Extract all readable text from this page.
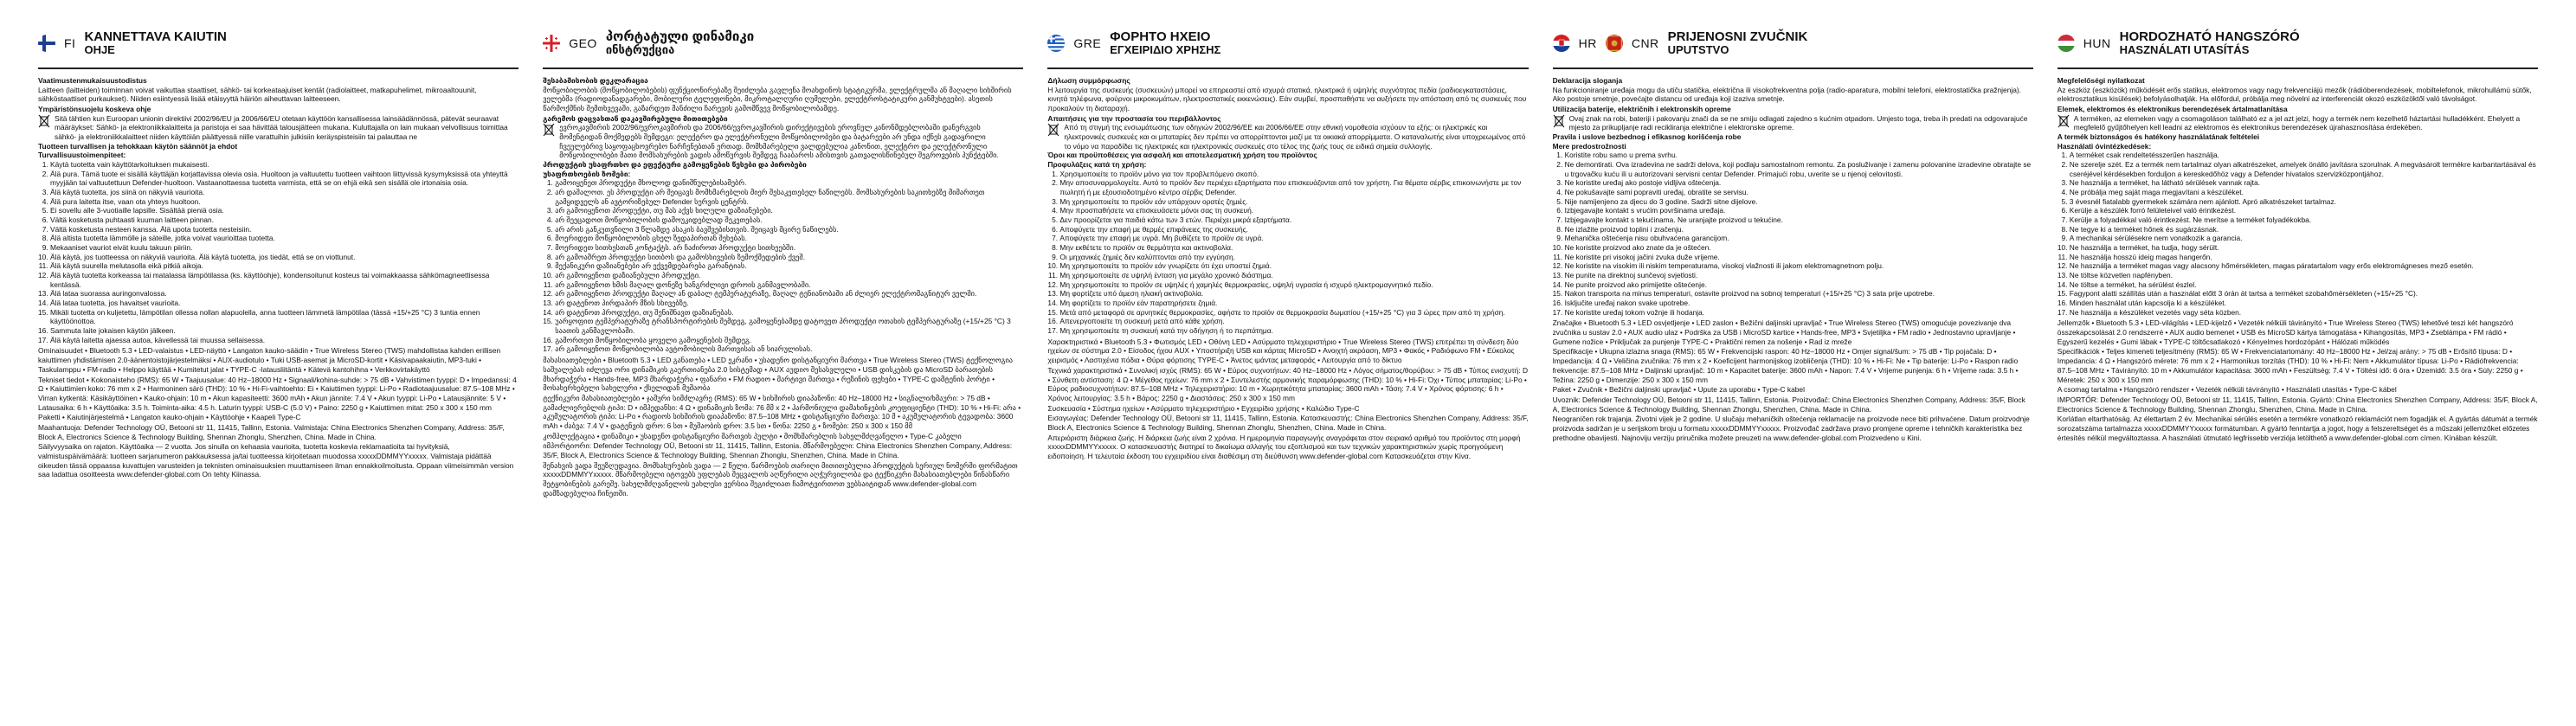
FI KANNETTAVA KAIUTIN
OHJE
Vaatimustenmukaisuustodistus

Laitteen (laitteiden) toiminnan voivat vaikuttaa staattiset, sähkö- tai korkeataajuiset kentät (radiolaitteet, matkapuhelimet, mikroaaltouunit, sähköstaattiset purkaukset). Niiden esiintyessä lisää etäisyyttä häiriön aiheuttavan laitteeseen.

Ympäristönsuojelu koskeva ohje
Sitä tähtien kun Euroopan unionin direktiivi 2002/96/EU ja 2006/66/EU otetaan käyttöön kansallisessa lainsäädännössä, pätevät seuraavat määräykset: Sähkö- ja elektroniikkalaitteita ja paristoja ei saa hävittää talousjätteen mukana. Kuluttajalla on lain mukaan velvollisuus toimittaa sähkö- ja elektroniikkalaitteet niiden käyttöiän päättyessä niille varattuihin julkisiin keräyspisteisiin tai palauttaa ne
Tuotteen turvallisen ja tehokkaan käytön säännöt ja ehdot
Turvallisuustoimenpiteet:
1. Käytä tuotetta vain käyttötarkoituksen mukaisesti.
2. Älä pura. Tämä tuote ei sisällä käyttäjän korjattavissa olevia osia. Huoltoon ja valtuutettu tuotteen vaihtoon liittyvissä kysymyksissä ota yhteyttä myyjään tai valtuutettuun Defender-huoltoon. Vastaanottaessa tuotetta varmista, että se on ehjä eikä sen sisällä ole irtonaisia osia.
3. Älä käytä tuotetta, jos siinä on näkyviä vaurioita.
4. Älä pura laitetta itse, vaan ota yhteys huoltoon.
5. Ei sovellu alle 3-vuotiaille lapsille. Sisältää pieniä osia.
6. Vältä kosketusta puhtaasti kuuman laitteen pinnan.
7. Vältä kosketusta nesteen kanssa. Älä upota tuotetta nesteisiin.
8. Älä altista tuotetta lämmölle ja säteille, jotka voivat vaurioittaa tuotetta.
9. Mekaaniset vauriot eivät kuulu takuun piiriin.
10. Älä käytä, jos tuotteessa on näkyviä vaurioita. Älä käytä tuotetta, jos tiedät, että se on viottunut.
11. Älä käytä suurella melutasolla eikä pitkiä aikoja.
12. Älä käytä tuotetta korkeassa tai matalassa lämpötilassa (ks. käyttöohje), kondensoitunut kosteus tai voimakkaassa sähkömagneettisessa kentässä.
13. Älä lataa suorassa auringonvalossa.
14. Älä lataa tuotetta, jos havaitset vaurioita.
15. Mikäli tuotetta on kuljetettu, lämpötilan ollessa nollan alapuolella, anna tuotteen lämmetä lämpötilaa (tässä +15/+25 °C) 3 tuntia ennen käyttöönottoa.
16. Sammuta laite jokaisen käytön jälkeen.
17. Älä käytä laitetta ajaessa autoa, kävellessä tai muussa sellaisessa.

Ominaisuudet • Bluetooth 5.3 • LED-valaistus • LED-näyttö • Langaton kauko-säädin • True Wireless Stereo (TWS) mahdollistaa kahden erillisen kaiuttimen yhdistämisen 2.0-äänentoistojärjestelmäksi • AUX-audiotulo • Tuki USB-asemat ja MicroSD-kortit • Käsivapaakaiutin, MP3-tuki • Taskulamppu • FM-radio • Helppo käyttää • Kumitetut jalat • TYPE-C -latausliitäntä • Kätevä kantohihna • Verkkovirtakäyttö

Tekniset tiedot • Kokonaisteho (RMS): 65 W • Taajuusalue: 40 Hz–18000 Hz • Signaali/kohina-suhde: > 75 dB • Vahvistimen tyyppi: D • Impedanssi: 4 Ω • Kaiuttimien koko: 76 mm x 2 • Harmoninen särö (THD): 10 % • Hi-Fi-vaihtoehto: Ei • Kaiuttimen tyyppi: Li-Po • Radiotaajuusalue: 87.5–108 MHz • Virran kytkentä: Käsikäyttöinen • Kauko-ohjain: 10 m • Akun kapasiteetti: 3600 mAh • Akun jännite: 7.4 V • Akun tyyppi: Li-Po • Latausjännite: 5 V • Latausaika: 6 h • Käyttöaika: 3.5 h. Toiminta-aika: 4.5 h. Laturin tyyppi: USB-C (5.0 V) • Paino: 2250 g • Kaiuttimen mitat: 250 x 300 x 150 mm

Paketti • Kaiutinjärjestelmä • Langaton kauko-ohjain • Käyttöohje • Kaapeli Type-C

Maahantuoja: Defender Technology OÜ, Betooni str 11, 11415, Tallinn, Estonia. Valmistaja: China Electronics Shenzhen Company, Address: 35/F, Block A, Electronics Science & Technology Building, Shennan Zhonglu, Shenzhen, China. Made in China.

Säilyvyysaika on rajaton. Käyttöaika — 2 vuotta. Jos sinulla on kehaasia vaurioita, tuotetta koskevia reklamaatioita tai hyvityksiä, valmistuspäivämäärä: tuotteen sarjanumeron pakkauksessa ja/tai tuotteessa kirjoitetaan muodossa xxxxxDDMMYYxxxxx. Valmistaja pidättää oikeuden tässä oppaassa kuvattujen varusteiden ja teknisten ominaisuuksien muuttamiseen ilman ennakkoilmoitusta. Oppaan viimeisimmän version saa ladattua osoitteesta www.defender-global.com On tehty Kiinassa.

GEO პორტატული დინამიკი
ინსტრუქცია
შესაბამისობის დეკლარაცია

მოწყობილობის (მოწყობილობების) ფუნქციონირებაზე შეიძლება გავლენა მოახდინოს სტატიკურმა, ელექტრულმა ან მაღალი სიხშირის ველებმა (რადიოდანადგარები, მობილური ტელეფონები, მიკროტალღური ღუმელები, ელექტროსტატიკური განმუხტვები). ასეთის წარმოქმნის შემთხვევაში, გაზარდეთ მანძილი ჩარევის გამომწვევ მოწყობილობამდე.

გარემოს დაცვასთან დაკავშირებული მითითებები
ევროკავშირის 2002/96/ევროკავშირის და 2006/66/ევროკავშირის დირექტივების ეროვნულ კანონმდებლობაში დანერგვის მომენტიდან მოქმედებს შემდეგი: ელექტრო და ელექტრონული მოწყობილობები და ბატარეები არ უნდა იქნეს გადაყრილი ჩვეულებრივ საყოფაცხოვრებო ნარჩენებთან ერთად. მომხმარებელი ვალდებულია კანონით, ელექტრო და ელექტრონული მოწყობილობები მათი მომსახურების ვადის ამოწურვის შემდეგ ჩააბაროს ამისთვის გათვალისწინებულ შეგროვების პუნქტებში.
პროდუქტის უსაფრთხო და ეფექტური გამოყენების წესები და პირობები
უსაფრთხოების ზომები:
1. გამოიყენეთ პროდუქტი მხოლოდ დანიშნულებისამებრ.
2. არ დაშალოთ. ეს პროდუქტი არ შეიცავს მომხმარებლის მიერ შესაკეთებელ ნაწილებს. მომსახურების საკითხებზე მიმართეთ გამყიდველს ან ავტორიზებულ Defender სერვის ცენტრს.
3. არ გამოიყენოთ პროდუქტი, თუ მას აქვს ხილული დაზიანებები.
4. არ შეეცადოთ მოწყობილობის დამოუკიდებლად შეკეთებას.
5. არ არის განკუთვნილი 3 წლამდე ასაკის ბავშვებისთვის. შეიცავს მცირე ნაწილებს.
6. მოერიდეთ მოწყობილობის ცხელ ზედაპირთან შეხებას.
7. მოერიდეთ სითხესთან კონტაქტს. არ ჩაძიროთ პროდუქტი სითხეებში.
8. არ გამოაშრეთ პროდუქტი სითბოს და გამოსხივების ზემოქმედების ქვეშ.
9. მექანიკური დაზიანებები არ ექვემდებარება გარანტიას.
10. არ გამოიყენოთ დაზიანებული პროდუქტი.
11. არ გამოიყენოთ ხმის მაღალ დონეზე ხანგრძლივი დროის განმავლობაში.
12. არ გამოიყენოთ პროდუქტი მაღალ ან დაბალ ტემპერატურაზე, მაღალ ტენიანობაში ან ძლიერ ელექტრომაგნიტურ ველში.
13. არ დატენოთ პირდაპირ მზის სხივებზე.
14. არ დატენოთ პროდუქტი, თუ შენიშნავთ დაზიანებას.
15. უარყოფით ტემპერატურაზე ტრანსპორტირების შემდეგ, გამოყენებამდე დატოვეთ პროდუქტი ოთახის ტემპერატურაზე (+15/+25 °C) 3 საათის განმავლობაში.
16. გამორთეთ მოწყობილობა ყოველი გამოყენების შემდეგ.
17. არ გამოიყენოთ მოწყობილობა ავტომობილის მართვისას ან სიარულისას.

მახასიათებლები • Bluetooth 5.3 • LED განათება • LED ეკრანი • უსადენო დისტანციური მართვა • True Wireless Stereo (TWS) ტექნოლოგია საშუალებას იძლევა ორი დინამიკის გაერთიანება 2.0 სისტემად • AUX აუდიო შესასვლელი • USB დისკების და MicroSD ბარათების მხარდაჭერა • Hands-free, MP3 მხარდაჭერა • ფანარი • FM რადიო • მარტივი მართვა • რეზინის ფეხები • TYPE-C დამტენის პორტი • მოსახერხებელი სახელური • ქსელიდან მუშაობა

ტექნიკური მახასიათებლები • ჯამური სიმძლავრე (RMS): 65 W • სიხშირის დიაპაზონი: 40 Hz–18000 Hz • სიგნალი/ხმაური: > 75 dB • გამაძლიერებლის ტიპი: D • იმპედანსი: 4 Ω • დინამიკის ზომა: 76 მმ x 2 • ჰარმონიული დამახინჯების კოეფიციენტი (THD): 10 % • Hi-Fi: არა • აკუმულატორის ტიპი: Li-Po • რადიოს სიხშირის დიაპაზონი: 87.5–108 MHz • დისტანციური მართვა: 10 მ • აკუმულატორის ტევადობა: 3600 mAh • ძაბვა: 7.4 V • დატენვის დრო: 6 სთ • მუშაობის დრო: 3.5 სთ • წონა: 2250 გ • ზომები: 250 x 300 x 150 მმ

კომპლექტაცია • დინამიკი • უსადენო დისტანციური მართვის პულტი • მომხმარებლის სახელმძღვანელო • Type-C კაბელი

იმპორტიორი: Defender Technology OÜ, Betooni str 11, 11415, Tallinn, Estonia. მწარმოებელი: China Electronics Shenzhen Company, Address: 35/F, Block A, Electronics Science & Technology Building, Shennan Zhonglu, Shenzhen, China. Made in China.

შენახვის ვადა შეუზღუდავია. მომსახურების ვადა — 2 წელი. წარმოების თარიღი მითითებულია პროდუქტის სერიულ ნომერში ფორმატით xxxxxDDMMYYxxxxx. მწარმოებელი იტოვებს უფლებას შეცვალოს აღწერილი აღჭურვილობა და ტექნიკური მახასიათებლები წინასწარი შეტყობინების გარეშე. სახელმძღვანელოს უახლესი ვერსია შეგიძლიათ ჩამოტვირთოთ ვებსაიტიდან www.defender-global.com დამზადებულია ჩინეთში.

GRE ΦΟΡΗΤΟ ΗΧΕΙΟ
ΕΓΧΕΙΡΙΔΙΟ ΧΡΗΣΗΣ
Δήλωση συμμόρφωσης

Η λειτουργία της συσκευής (συσκευών) μπορεί να επηρεαστεί από ισχυρά στατικά, ηλεκτρικά ή υψηλής συχνότητας πεδία (ραδιοεγκαταστάσεις, κινητά τηλέφωνα, φούρνοι μικροκυμάτων, ηλεκτροστατικές εκκενώσεις). Εάν συμβεί, προσπαθήστε να αυξήσετε την απόσταση από τις συσκευές που προκαλούν τη διαταραχή.

Απαιτήσεις για την προστασία του περιβάλλοντος
Από τη στιγμή της ενσωμάτωσης των οδηγιών 2002/96/ΕΕ και 2006/66/ΕΕ στην εθνική νομοθεσία ισχύουν τα εξής: οι ηλεκτρικές και ηλεκτρονικές συσκευές και οι μπαταρίες δεν πρέπει να απορρίπτονται μαζί με τα οικιακά απορρίμματα. Ο καταναλωτής είναι υποχρεωμένος από το νόμο να παραδίδει τις ηλεκτρικές και ηλεκτρονικές συσκευές στο τέλος της ζωής τους σε ειδικά σημεία συλλογής.
Όροι και προϋποθέσεις για ασφαλή και αποτελεσματική χρήση του προϊόντος
Προφυλάξεις κατά τη χρήση:
1. Χρησιμοποιείτε το προϊόν μόνο για τον προβλεπόμενο σκοπό.
2. Μην αποσυναρμολογείτε. Αυτό το προϊόν δεν περιέχει εξαρτήματα που επισκευάζονται από τον χρήστη. Για θέματα σέρβις επικοινωνήστε με τον πωλητή ή με εξουσιοδοτημένο κέντρο σέρβις Defender.
3. Μη χρησιμοποιείτε το προϊόν εάν υπάρχουν ορατές ζημιές.
4. Μην προσπαθήσετε να επισκευάσετε μόνοι σας τη συσκευή.
5. Δεν προορίζεται για παιδιά κάτω των 3 ετών. Περιέχει μικρά εξαρτήματα.
6. Αποφύγετε την επαφή με θερμές επιφάνειες της συσκευής.
7. Αποφύγετε την επαφή με υγρά. Μη βυθίζετε το προϊόν σε υγρά.
8. Μην εκθέτετε το προϊόν σε θερμότητα και ακτινοβολία.
9. Οι μηχανικές ζημιές δεν καλύπτονται από την εγγύηση.
10. Μη χρησιμοποιείτε το προϊόν εάν γνωρίζετε ότι έχει υποστεί ζημιά.
11. Μη χρησιμοποιείτε σε υψηλή ένταση για μεγάλο χρονικό διάστημα.
12. Μη χρησιμοποιείτε το προϊόν σε υψηλές ή χαμηλές θερμοκρασίες, υψηλή υγρασία ή ισχυρό ηλεκτρομαγνητικό πεδίο.
13. Μη φορτίζετε υπό άμεση ηλιακή ακτινοβολία.
14. Μη φορτίζετε το προϊόν εάν παρατηρήσετε ζημιά.
15. Μετά από μεταφορά σε αρνητικές θερμοκρασίες, αφήστε το προϊόν σε θερμοκρασία δωματίου (+15/+25 °C) για 3 ώρες πριν από τη χρήση.
16. Απενεργοποιείτε τη συσκευή μετά από κάθε χρήση.
17. Μη χρησιμοποιείτε τη συσκευή κατά την οδήγηση ή το περπάτημα.

Χαρακτηριστικά • Bluetooth 5.3 • Φωτισμός LED • Οθόνη LED • Ασύρματο τηλεχειριστήριο • True Wireless Stereo (TWS) επιτρέπει τη σύνδεση δύο ηχείων σε σύστημα 2.0 • Είσοδος ήχου AUX • Υποστήριξη USB και κάρτας MicroSD • Ανοιχτή ακρόαση, MP3 • Φακός • Ραδιόφωνο FM • Εύκολος χειρισμός • Λαστιχένια πόδια • Θύρα φόρτισης TYPE-C • Άνετος ιμάντας μεταφοράς • Λειτουργία από το δίκτυο

Τεχνικά χαρακτηριστικά • Συνολική ισχύς (RMS): 65 W • Εύρος συχνοτήτων: 40 Hz–18000 Hz • Λόγος σήματος/θορύβου: > 75 dB • Τύπος ενισχυτή: D • Σύνθετη αντίσταση: 4 Ω • Μέγεθος ηχείων: 76 mm x 2 • Συντελεστής αρμονικής παραμόρφωσης (THD): 10 % • Hi-Fi: Όχι • Τύπος μπαταρίας: Li-Po • Εύρος ραδιοσυχνοτήτων: 87.5–108 MHz • Τηλεχειριστήριο: 10 m • Χωρητικότητα μπαταρίας: 3600 mAh • Τάση: 7.4 V • Χρόνος φόρτισης: 6 h • Χρόνος λειτουργίας: 3.5 h • Βάρος: 2250 g • Διαστάσεις: 250 x 300 x 150 mm

Συσκευασία • Σύστημα ηχείων • Ασύρματο τηλεχειριστήριο • Εγχειρίδιο χρήσης • Καλώδιο Type-C

Εισαγωγέας: Defender Technology OÜ, Betooni str 11, 11415, Tallinn, Estonia. Κατασκευαστής: China Electronics Shenzhen Company, Address: 35/F, Block A, Electronics Science & Technology Building, Shennan Zhonglu, Shenzhen, China. Made in China.

Απεριόριστη διάρκεια ζωής. Η διάρκεια ζωής είναι 2 χρόνια. Η ημερομηνία παραγωγής αναγράφεται στον σειριακό αριθμό του προϊόντος στη μορφή xxxxxDDMMYYxxxxx. Ο κατασκευαστής διατηρεί το δικαίωμα αλλαγής του εξοπλισμού και των τεχνικών χαρακτηριστικών χωρίς προηγούμενη ειδοποίηση. Η τελευταία έκδοση του εγχειριδίου είναι διαθέσιμη στη διεύθυνση www.defender-global.com Κατασκευάζεται στην Κίνα.

HR	CNR PRIJENOSNI ZVUČNIK
UPUTSTVO
Deklaracija sloganja

Na funkcioniranje uređaja mogu da utiču statička, električna ili visokofrekventna polja (radio-aparatura, mobilni telefoni, elektrostatička pražnjenja). Ako postoje smetnje, povećajte distancu od uređaja koji izaziva smetnje.

Utilizacija baterije, električnih i elektronskih opreme
Ovaj znak na robi, bateriji i pakovanju znači da se ne smiju odlagati zajedno s kućnim otpadom. Umjesto toga, treba ih predati na odgovarajuće mjesto za prikupljanje radi recikliranja električne i elektronske opreme.
Pravila i uslove bezbednog i efikasnog korišćenja robe
Mere predostrožnosti
1. Koristite robu samo u prema svrhu.
2. Ne demontirati. Ova izradevina ne sadrži delova, koji podlaju samostalnom remontu. Za posluživanje i zamenu polovanine izradevine obratajte se u trgovačku kuću ili u autorizovani servisni centar Defender. Primajući robu, uverite se u njenoj celovitosti.
3. Ne koristite uređaj ako postoje vidljiva oštećenja.
4. Ne pokušavajte sami popraviti uređaj, obratite se servisu.
5. Nije namijenjeno za djecu do 3 godine. Sadrži sitne dijelove.
6. Izbjegavajte kontakt s vrućim površinama uređaja.
7. Izbjegavajte kontakt s tekućinama. Ne uranjajte proizvod u tekućine.
8. Ne izlažite proizvod toplini i zračenju.
9. Mehanička oštećenja nisu obuhvaćena garancijom.
10. Ne koristite proizvod ako znate da je oštećen.
11. Ne koristite pri visokoj jačini zvuka duže vrijeme.
12. Ne koristite na visokim ili niskim temperaturama, visokoj vlažnosti ili jakom elektromagnetnom polju.
13. Ne punite na direktnoj sunčevoj svjetlosti.
14. Ne punite proizvod ako primijetite oštećenje.
15. Nakon transporta na minus temperaturi, ostavite proizvod na sobnoj temperaturi (+15/+25 °C) 3 sata prije upotrebe.
16. Isključite uređaj nakon svake upotrebe.
17. Ne koristite uređaj tokom vožnje ili hodanja.

Značajke • Bluetooth 5.3 • LED osvjetljenje • LED zaslon • Bežični daljinski upravljač • True Wireless Stereo (TWS) omogućuje povezivanje dva zvučnika u sustav 2.0 • AUX audio ulaz • Podrška za USB i MicroSD kartice • Hands-free, MP3 • Svjetiljka • FM radio • Jednostavno upravljanje • Gumene nožice • Priključak za punjenje TYPE-C • Praktični remen za nošenje • Rad iz mreže

Specifikacije • Ukupna izlazna snaga (RMS): 65 W • Frekvencijski raspon: 40 Hz–18000 Hz • Omjer signal/šum: > 75 dB • Tip pojačala: D • Impedancija: 4 Ω • Veličina zvučnika: 76 mm x 2 • Koeficijent harmonijskog izobličenja (THD): 10 % • Hi-Fi: Ne • Tip baterije: Li-Po • Raspon radio frekvencije: 87.5–108 MHz • Daljinski upravljač: 10 m • Kapacitet baterije: 3600 mAh • Napon: 7.4 V • Vrijeme punjenja: 6 h • Vrijeme rada: 3.5 h • Težina: 2250 g • Dimenzije: 250 x 300 x 150 mm

Paket • Zvučnik • Bežični daljinski upravljač • Upute za uporabu • Type-C kabel

Uvoznik: Defender Technology OÜ, Betooni str 11, 11415, Tallinn, Estonia. Proizvođač: China Electronics Shenzhen Company, Address: 35/F, Block A, Electronics Science & Technology Building, Shennan Zhonglu, Shenzhen, China. Made in China.

Neograničen rok trajanja. Životni vijek je 2 godine. U slučaju mehaničkih oštećenja reklamacije na proizvode nece biti prihvaćene. Datum proizvodnje proizvoda sadržan je u serijskom broju u formatu xxxxxDDMMYYxxxxx. Proizvođač zadržava pravo promjene opreme i tehničkih karakteristika bez prethodne obavijesti. Najnoviju verziju priručnika možete preuzeti na www.defender-global.com Proizvedeno u Kini.

HUN HORDOZHATÓ HANGSZÓRÓ
HASZNÁLATI UTASÍTÁS
Megfelelőségi nyilatkozat

Az eszköz (eszközök) működését erős statikus, elektromos vagy nagy frekvenciájú mezők (rádióberendezések, mobiltelefonok, mikrohullámú sütők, elektrosztatikus kisülések) befolyásolhatják. Ha előfordul, próbálja meg növelni az interferenciát okozó eszközöktől való távolságot.

Elemek, elektromos és elektronikus berendezések ártalmatlanítása
A terméken, az elemeken vagy a csomagoláson található ez a jel azt jelzi, hogy a termék nem kezelhető háztartási hulladékként. Ehelyett a megfelelő gyűjtőhelyen kell leadni az elektromos és elektronikus berendezések újrahasznosítása érdekében.
A termék biztonságos és hatékony használatának feltételei
Használati óvintézkedések:
1. A terméket csak rendeltetésszerűen használja.
2. Ne szerelje szét. Ez a termék nem tartalmaz olyan alkatrészeket, amelyek önálló javításra szorulnak. A megvásárolt termékre karbantartásával és cseréjével kérdésekben forduljon a kereskedőhöz vagy a Defender hivatalos szervizközpontjához.
3. Ne használja a terméket, ha látható sérülések vannak rajta.
4. Ne próbálja meg saját maga megjavítani a készüléket.
5. 3 évesnél fiatalabb gyermekek számára nem ajánlott. Apró alkatrészeket tartalmaz.
6. Kerülje a készülék forró felületeivel való érintkezést.
7. Kerülje a folyadékkal való érintkezést. Ne merítse a terméket folyadékokba.
8. Ne tegye ki a terméket hőnek és sugárzásnak.
9. A mechanikai sérülésekre nem vonatkozik a garancia.
10. Ne használja a terméket, ha tudja, hogy sérült.
11. Ne használja hosszú ideig magas hangerőn.
12. Ne használja a terméket magas vagy alacsony hőmérsékleten, magas páratartalom vagy erős elektromágneses mező esetén.
13. Ne töltse közvetlen napfényben.
14. Ne töltse a terméket, ha sérülést észlel.
15. Fagypont alatti szállítás után a használat előtt 3 órán át tartsa a terméket szobahőmérsékleten (+15/+25 °C).
16. Minden használat után kapcsolja ki a készüléket.
17. Ne használja a készüléket vezetés vagy séta közben.

Jellemzők • Bluetooth 5.3 • LED-világítás • LED-kijelző • Vezeték nélküli távirányító • True Wireless Stereo (TWS) lehetővé teszi két hangszóró összekapcsolását 2.0 rendszerré • AUX audio bemenet • USB és MicroSD kártya támogatása • Kihangosítás, MP3 • Zseblámpa • FM rádió • Egyszerű kezelés • Gumi lábak • TYPE-C töltőcsatlakozó • Kényelmes hordozópánt • Hálózati működés

Specifikációk • Teljes kimeneti teljesítmény (RMS): 65 W • Frekvenciatartomány: 40 Hz–18000 Hz • Jel/zaj arány: > 75 dB • Erősítő típusa: D • Impedancia: 4 Ω • Hangszóró mérete: 76 mm x 2 • Harmonikus torzítás (THD): 10 % • Hi-Fi: Nem • Akkumulátor típusa: Li-Po • Rádiófrekvencia: 87.5–108 MHz • Távirányító: 10 m • Akkumulátor kapacitása: 3600 mAh • Feszültség: 7.4 V • Töltési idő: 6 óra • Üzemidő: 3.5 óra • Súly: 2250 g • Méretek: 250 x 300 x 150 mm

A csomag tartalma • Hangszóró rendszer • Vezeték nélküli távirányító • Használati utasítás • Type-C kábel

IMPORTŐR: Defender Technology OÜ, Betooni str 11, 11415, Tallinn, Estonia. Gyártó: China Electronics Shenzhen Company, Address: 35/F, Block A, Electronics Science & Technology Building, Shennan Zhonglu, Shenzhen, China. Made in China.

Korlátlan eltarthatóság. Az élettartam 2 év. Mechanikai sérülés esetén a termékre vonatkozó reklamációt nem fogadják el. A gyártás dátumát a termék sorozatszáma tartalmazza xxxxxDDMMYYxxxxx formátumban. A gyártó fenntartja a jogot, hogy a felszereltséget és a műszaki jellemzőket előzetes értesítés nélkül megváltoztassa. A használati útmutató legfrissebb verziója letölthető a www.defender-global.com címen. Kínában készült.
